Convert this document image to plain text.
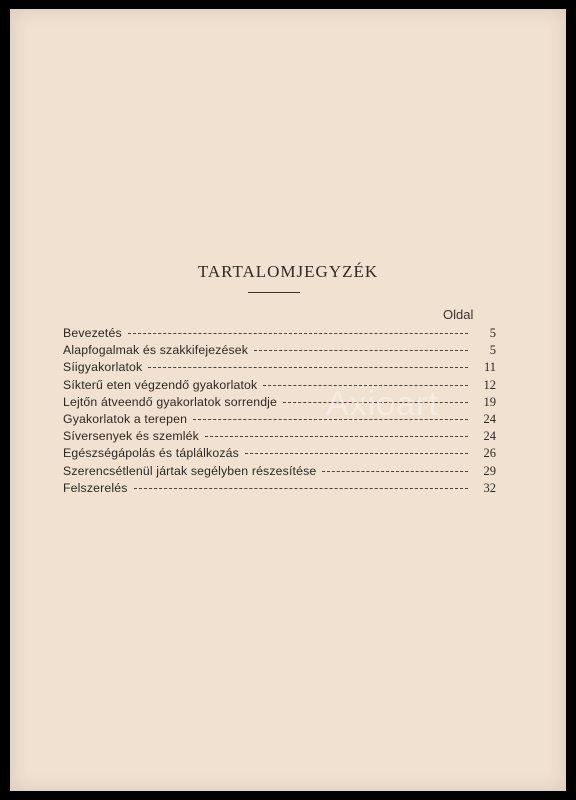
TARTALOMJEGYZÉK
Oldal
Bevezetés	5
Alapfogalmak és szakkifejezések	5
Síigyakorlatok	11
Síkterű eten végzendő gyakorlatok	12
Lejtőn átveendő gyakorlatok sorrendje	19
Gyakorlatok a terepen	24
Síversenyek és szemlék	24
Egészségápolás és táplálkozás	26
Szerencsétlenül jártak segélyben részesítése	29
Felszerelés	32
Axioart
